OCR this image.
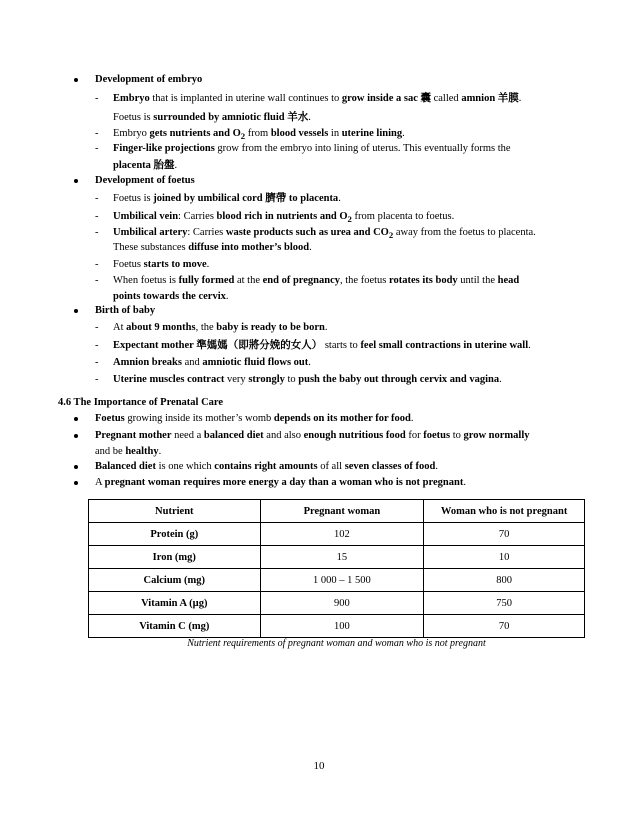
Development of embryo
- Embryo that is implanted in uterine wall continues to grow inside a sac 囊 called amnion 羊膜.
Foetus is surrounded by amniotic fluid 羊水.
- Embryo gets nutrients and $O_2$ from blood vessels in uterine lining.
- Finger-like projections grow from the embryo into lining of uterus. This eventually forms the
placenta 胎盤.
Development of foetus
- Foetus is joined by umbilical cord 臍帶 to placenta.
- Umbilical vein: Carries blood rich in nutrients and $O_2$ from placenta to foetus.
- Umbilical artery: Carries waste products such as urea and $CO_2$ away from the foetus to placenta.
These substances diffuse into mother’s blood.
- Foetus starts to move.
- When foetus is fully formed at the end of pregnancy, the foetus rotates its body until the head
points towards the cervix.
Birth of baby
- At about 9 months, the baby is ready to be born.
- Expectant mother 準媽媽（即將分娩的女人） starts to feel small contractions in uterine wall.
- Amnion breaks and amniotic fluid flows out.
- Uterine muscles contract very strongly to push the baby out through cervix and vagina.
4.6 The Importance of Prenatal Care
Foetus growing inside its mother’s womb depends on its mother for food.
Pregnant mother need a balanced diet and also enough nutritious food for foetus to grow normally
and be healthy.
Balanced diet is one which contains right amounts of all seven classes of food.
A pregnant woman requires more energy a day than a woman who is not pregnant.
Nutrient	Pregnant woman	Woman who is not pregnant
Protein (g)	102	70
Iron (mg)	15	10
Calcium (mg)	1 000 – 1 500	800
Vitamin A (µg)	900	750
Vitamin C (mg)	100	70
Nutrient requirements of pregnant woman and woman who is not pregnant
10
